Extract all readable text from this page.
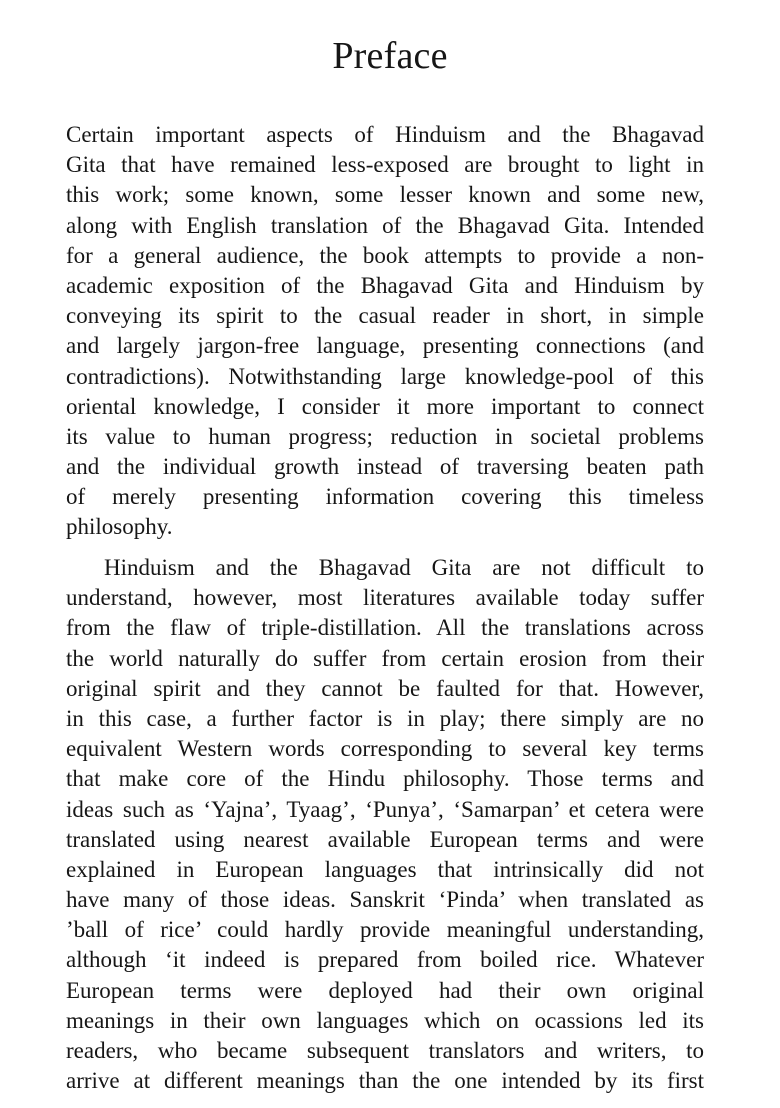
Preface
Certain important aspects of Hinduism and the Bhagavad
Gita that have remained less-exposed are brought to light in
this work; some known, some lesser known and some new,
along with English translation of the Bhagavad Gita. Intended
for a general audience, the book attempts to provide a non-
academic exposition of the Bhagavad Gita and Hinduism by
conveying its spirit to the casual reader in short, in simple
and largely jargon-free language, presenting connections (and
contradictions). Notwithstanding large knowledge-pool of this
oriental knowledge, I consider it more important to connect
its value to human progress; reduction in societal problems
and the individual growth instead of traversing beaten path
of merely presenting information covering this timeless
philosophy.
Hinduism and the Bhagavad Gita are not difficult to
understand, however, most literatures available today suffer
from the flaw of triple-distillation. All the translations across
the world naturally do suffer from certain erosion from their
original spirit and they cannot be faulted for that. However,
in this case, a further factor is in play; there simply are no
equivalent Western words corresponding to several key terms
that make core of the Hindu philosophy. Those terms and
ideas such as ‘Yajna’, Tyaag’, ‘Punya’, ‘Samarpan’ et cetera were
translated using nearest available European terms and were
explained in European languages that intrinsically did not
have many of those ideas. Sanskrit ‘Pinda’ when translated as
’ball of rice’ could hardly provide meaningful understanding,
although ‘it indeed is prepared from boiled rice. Whatever
European terms were deployed had their own original
meanings in their own languages which on ocassions led its
readers, who became subsequent translators and writers, to
arrive at different meanings than the one intended by its first
